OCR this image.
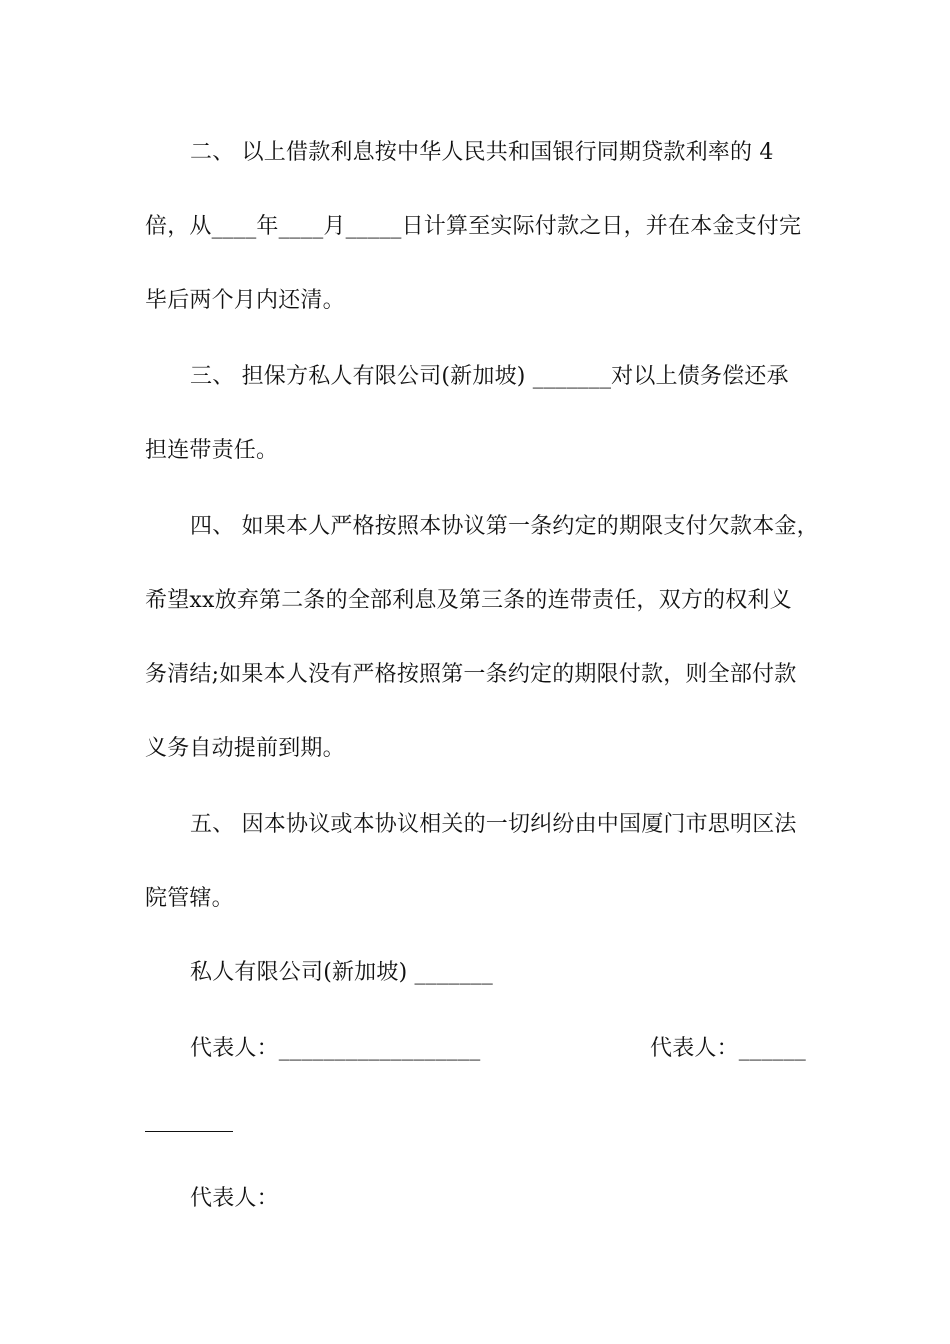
二、 以上借款利息按中华人民共和国银行同期贷款利率的 4
倍，从____年____月_____日计算至实际付款之日，并在本金支付完
毕后两个月内还清。
三、 担保方私人有限公司(新加坡) _______对以上债务偿还承
担连带责任。
四、 如果本人严格按照本协议第一条约定的期限支付欠款本金，
希望xx放弃第二条的全部利息及第三条的连带责任，双方的权利义
务清结;如果本人没有严格按照第一条约定的期限付款，则全部付款
义务自动提前到期。
五、 因本协议或本协议相关的一切纠纷由中国厦门市思明区法
院管辖。
私人有限公司(新加坡) _______
代表人：__________________	代表人：______
代表人：
